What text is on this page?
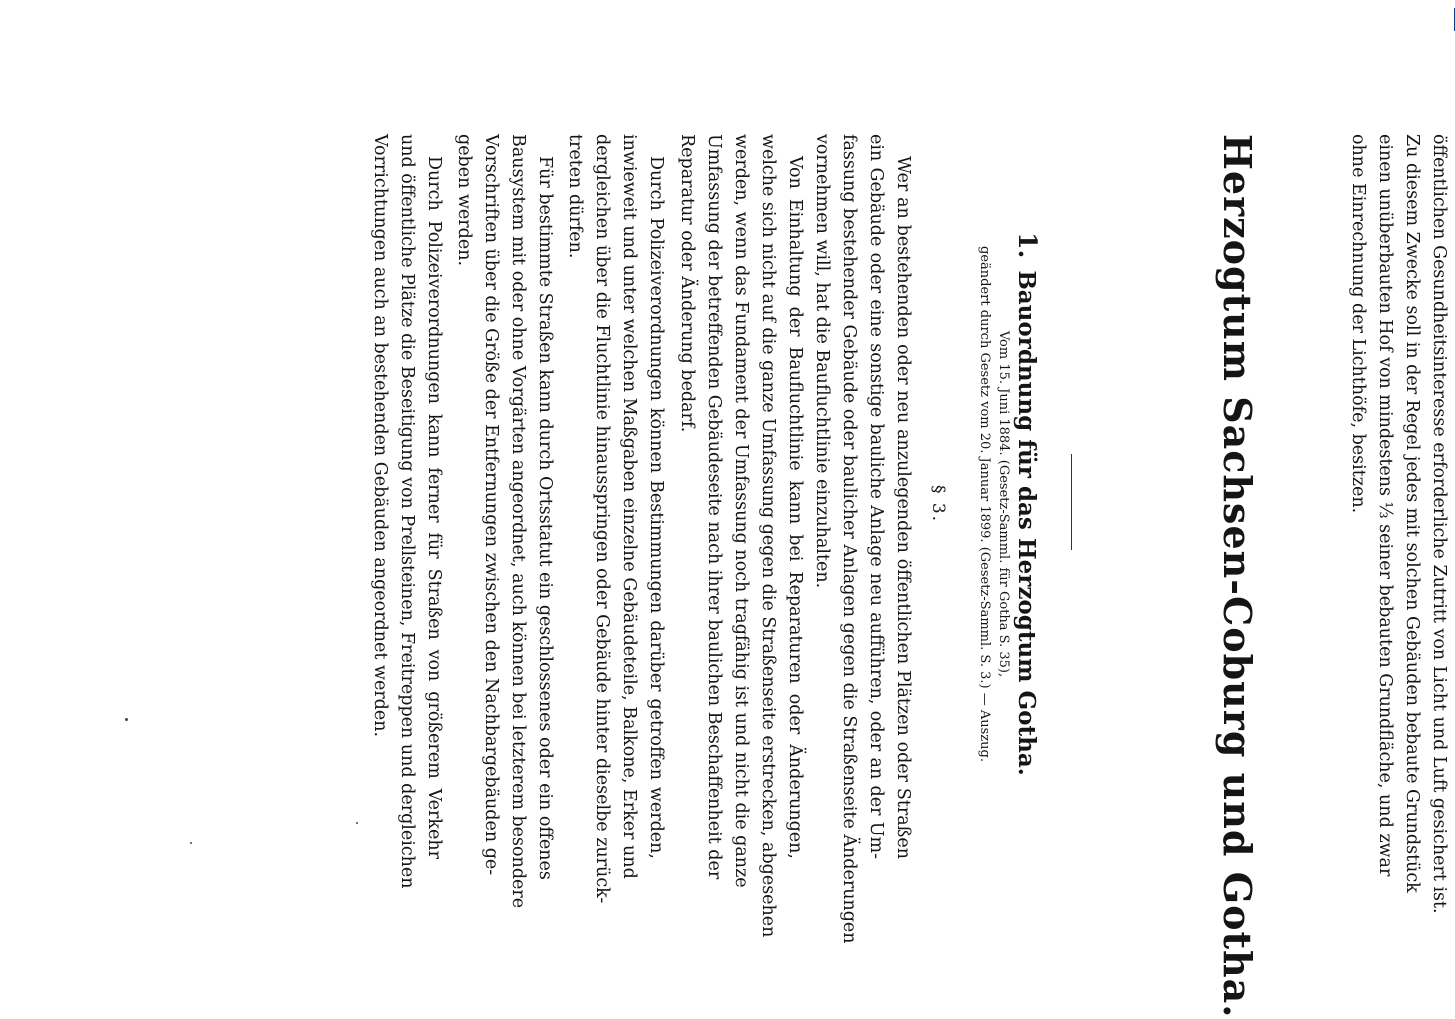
Herzogtum Sachsen-Coburg und Gotha.
1.Bauordnung für das Herzogtum Gotha.
Vom 15. Juni 1884. (Gesetz-Samml. für Gotha S. 35),
geändert durch Gesetz vom 20. Januar 1899. (Gesetz-Samml. S. 3.) — Auszug.
§ 3.
Wer an bestehenden oder neu anzulegenden öffentlichen Plätzen oder Straßen
ein Gebäude oder eine sonstige bauliche Anlage neu aufführen, oder an der Um-
fassung bestehender Gebäude oder baulicher Anlagen gegen die Straßenseite Änderungen
vornehmen will, hat die Baufluchtlinie einzuhalten.
Von Einhaltung der Baufluchtlinie kann bei Reparaturen oder Änderungen,
welche sich nicht auf die ganze Umfassung gegen die Straßenseite erstrecken, abgesehen
werden, wenn das Fundament der Umfassung noch tragfähig ist und nicht die ganze
Umfassung der betreffenden Gebäudeseite nach ihrer baulichen Beschaffenheit der
Reparatur oder Änderung bedarf.
Durch Polizeiverordnungen können Bestimmungen darüber getroffen werden,
inwieweit und unter welchen Maßgaben einzelne Gebäudeteile, Balkone, Erker und
dergleichen über die Fluchtlinie hinausspringen oder Gebäude hinter dieselbe zurück-
treten dürfen.
Für bestimmte Straßen kann durch Ortsstatut ein geschlossenes oder ein offenes
Bausystem mit oder ohne Vorgärten angeordnet, auch können bei letzterem besondere
Vorschriften über die Größe der Entfernungen zwischen den Nachbargebäuden ge-
geben werden.
Durch Polizeiverordnungen kann ferner für Straßen von größerem Verkehr
und öffentliche Plätze die Beseitigung von Prellsteinen, Freitreppen und dergleichen
Vorrichtungen auch an bestehenden Gebäuden angeordnet werden.	öffentlichen Gesundheitsinteresse erforderliche Zutritt von Licht und Luft gesichert ist.
Zu diesem Zwecke soll in der Regel jedes mit solchen Gebäuden bebaute Grundstück
einen unüberbauten Hof von mindestens ⅓ seiner bebauten Grundfläche, und zwar
ohne Einrechnung der Lichthöfe, besitzen.
